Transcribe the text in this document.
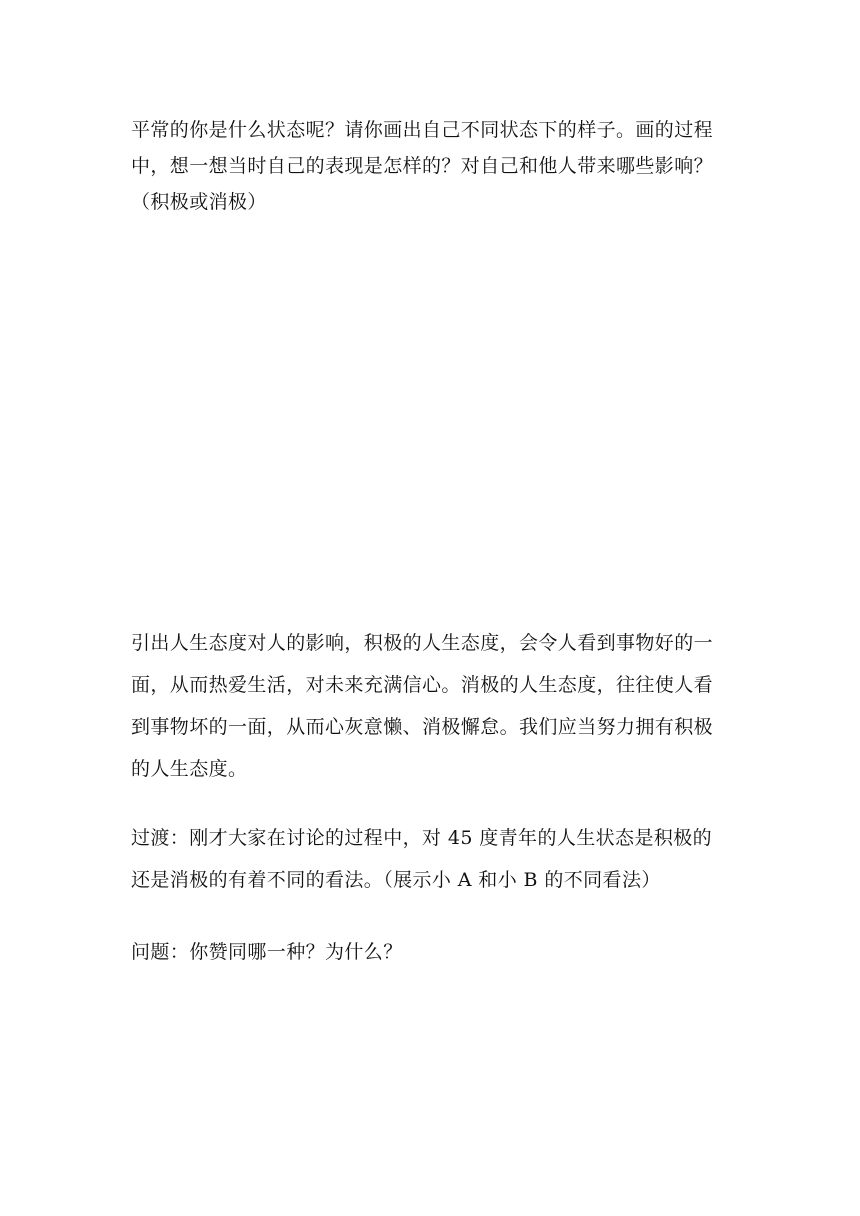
平常的你是什么状态呢？请你画出自己不同状态下的样子。画的过程
中，想一想当时自己的表现是怎样的？对自己和他人带来哪些影响？
（积极或消极）

引出人生态度对人的影响，积极的人生态度，会令人看到事物好的一
面，从而热爱生活，对未来充满信心。消极的人生态度，往往使人看
到事物坏的一面，从而心灰意懒、消极懈怠。我们应当努力拥有积极
的人生态度。

过渡：刚才大家在讨论的过程中，对 45 度青年的人生状态是积极的
还是消极的有着不同的看法。（展示小 A 和小 B 的不同看法）

问题：你赞同哪一种？为什么？
